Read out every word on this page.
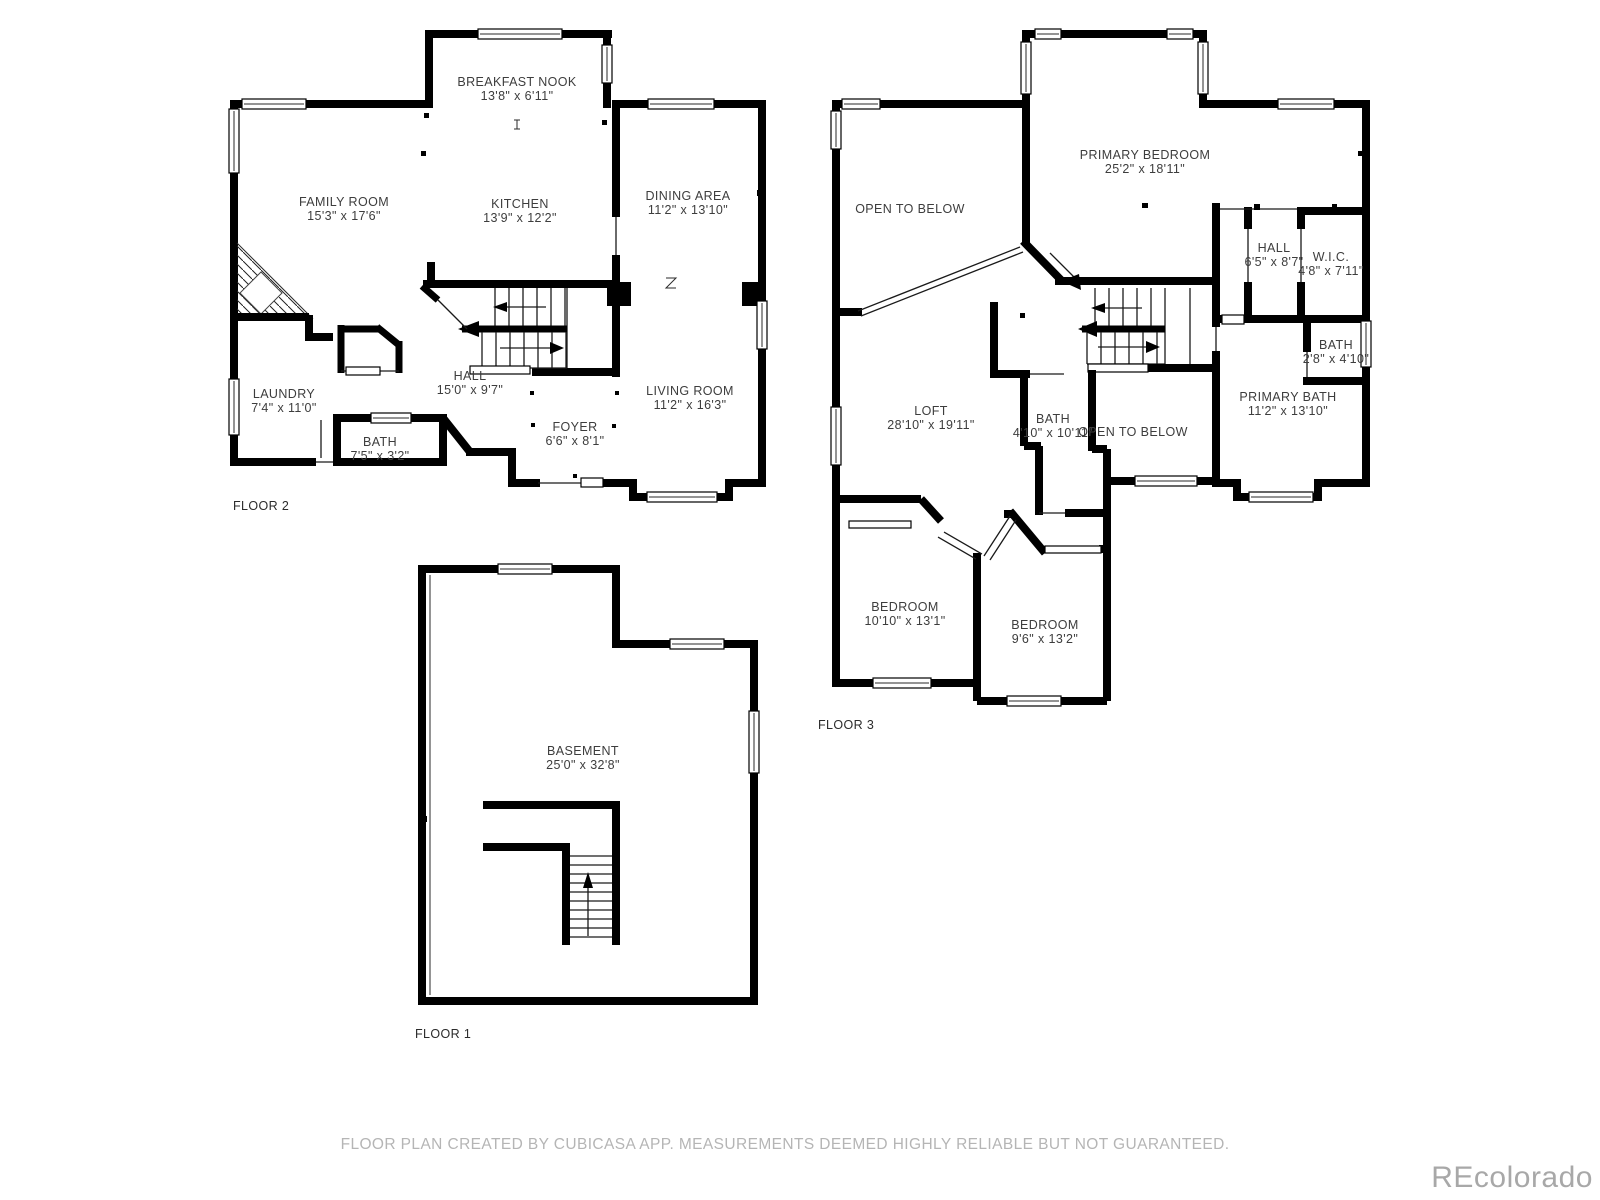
FLOOR 2
BREAKFAST NOOK
13'8" x 6'11"
FAMILY ROOM
15'3" x 17'6"
KITCHEN
13'9" x 12'2"
DINING AREA
11'2" x 13'10"
LIVING ROOM
11'2" x 16'3"
HALL
15'0" x 9'7"
FOYER
6'6" x 8'1"
LAUNDRY
7'4" x 11'0"
BATH
7'5" x 3'2"
FLOOR 3
PRIMARY BEDROOM
25'2" x 18'11"
OPEN TO BELOW
HALL
6'5" x 8'7" W.I.C.
4'8" x 7'11"
BATH
2'8" x 4'10"
LOFT
28'10" x 19'11"	BATH
4'10" x 10'11"
OPEN TO BELOW
PRIMARY BATH
11'2" x 13'10"
BEDROOM
10'10" x 13'1"	BEDROOM
9'6" x 13'2"
FLOOR 1
BASEMENT
25'0" x 32'8"
FLOOR PLAN CREATED BY CUBICASA APP. MEASUREMENTS DEEMED HIGHLY RELIABLE BUT NOT GUARANTEED.
REcolorado
